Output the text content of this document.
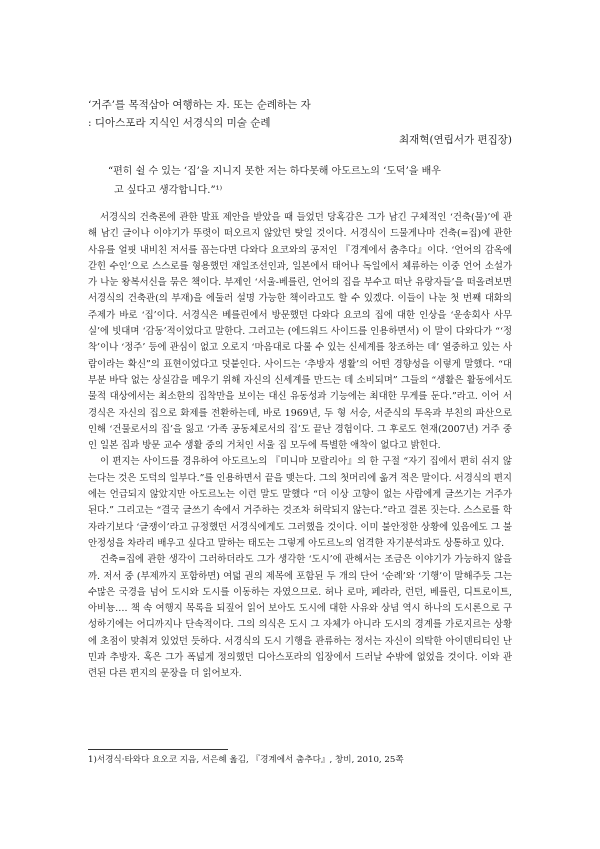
‘거주’를 목적삼아 여행하는 자. 또는 순례하는 자
: 디아스포라 지식인 서경식의 미술 순례
최재혁(연립서가 편집장)
“편히 쉴 수 있는 ‘집’을 지니지 못한 저는 하다못해 아도르노의 ‘도덕’을 배우
고 싶다고 생각합니다.”¹⁾

서경식의 건축론에 관한 발표 제안을 받았을 때 들었던 당혹감은 그가 남긴 구체적인 ‘건축(물)’에 관해 남긴 글이나 이야기가 뚜렷이 떠오르지 않았던 탓일 것이다. 서경식이 드물게나마 건축(=집)에 관한 사유를 얼핏 내비친 저서를 꼽는다면 다와다 요코와의 공저인 『경계에서 춤추다』이다. ‘언어의 감옥에 갇힌 수인’으로 스스로를 형용했던 재일조선인과, 일본에서 태어나 독일에서 체류하는 이중 언어 소설가가 나눈 왕복서신을 묶은 책이다. 부제인 ‘서울-베를린, 언어의 집을 부수고 떠난 유랑자들’을 떠올려보면 서경식의 건축관(의 부재)을 에둘러 설명 가능한 책이라고도 할 수 있겠다. 이들이 나눈 첫 번째 대화의 주제가 바로 ‘집’이다. 서경식은 베를린에서 방문했던 다와다 요코의 집에 대한 인상을 ‘운송회사 사무실’에 빗대며 ‘감동’적이었다고 말한다. 그러고는 (에드워드 사이드를 인용하면서) 이 말이 다와다가 “‘정착’이나 ‘정주’ 등에 관심이 없고 오로지 ‘마음대로 다룰 수 있는 신세계를 창조하는 데’ 열중하고 있는 사람이라는 확신”의 표현이었다고 덧붙인다. 사이드는 ‘추방자 생활’의 어떤 경향성을 이렇게 말했다. “대부분 바닥 없는 상실감을 메우기 위해 자신의 신세계를 만드는 데 소비되며” 그들의 “생활은 활동에서도 물적 대상에서는 최소한의 집착만을 보이는 대신 유동성과 기능에는 최대한 무게를 둔다.”라고. 이어 서경식은 자신의 집으로 화제를 전환하는데, 바로 1969년, 두 형 서승, 서준식의 투옥과 부친의 파산으로 인해 ‘건물로서의 집’을 잃고 ‘가족 공동체로서의 집’도 끝난 경험이다. 그 후로도 현재(2007년) 거주 중인 일본 집과 방문 교수 생활 중의 거처인 서울 집 모두에 특별한 애착이 없다고 밝힌다.

이 편지는 사이드를 경유하여 아도르노의 『미니마 모랄리아』의 한 구절 “자기 집에서 편히 쉬지 않는다는 것은 도덕의 일부다.”를 인용하면서 끝을 맺는다. 그의 첫머리에 옮겨 적은 말이다. 서경식의 편지에는 언급되지 않았지만 아도르노는 이런 말도 말했다 “더 이상 고향이 없는 사람에게 글쓰기는 거주가 된다.” 그리고는 “결국 글쓰기 속에서 거주하는 것조차 허락되지 않는다.”라고 결론 짓는다. 스스로를 학자라기보다 ‘글쟁이’라고 규정했던 서경식에게도 그러했을 것이다. 이미 불안정한 상황에 있음에도 그 불안정성을 차라리 배우고 싶다고 말하는 태도는 그렇게 아도르노의 엄격한 자기분석과도 상통하고 있다.

건축=집에 관한 생각이 그러하더라도 그가 생각한 ‘도시’에 관해서는 조금은 이야기가 가능하지 않을까. 저서 중 (부제까지 포함하면) 여덟 권의 제목에 포함된 두 개의 단어 ‘순례’와 ‘기행’이 말해주듯 그는 수많은 국경을 넘어 도시와 도시를 이동하는 자였으므로. 허나 로마, 페라라, 런던, 베를린, 디트로이트, 아비뇽…. 책 속 여행지 목록을 되짚어 읽어 보아도 도시에 대한 사유와 상념 역시 하나의 도시론으로 구성하기에는 어디까지나 단속적이다. 그의 의식은 도시 그 자체가 아니라 도시의 경계를 가로지르는 상황에 초점이 맞춰져 있었던 듯하다. 서경식의 도시 기행을 관류하는 정서는 자신이 의탁한 아이덴티티인 난민과 추방자. 혹은 그가 폭넓게 정의했던 디아스포라의 입장에서 드러날 수밖에 없었을 것이다. 이와 관련된 다른 편지의 문장을 더 읽어보자.

1)서경식·타와다 요오코 지음, 서은혜 옮김, 『경계에서 춤추다』, 창비, 2010, 25쪽
